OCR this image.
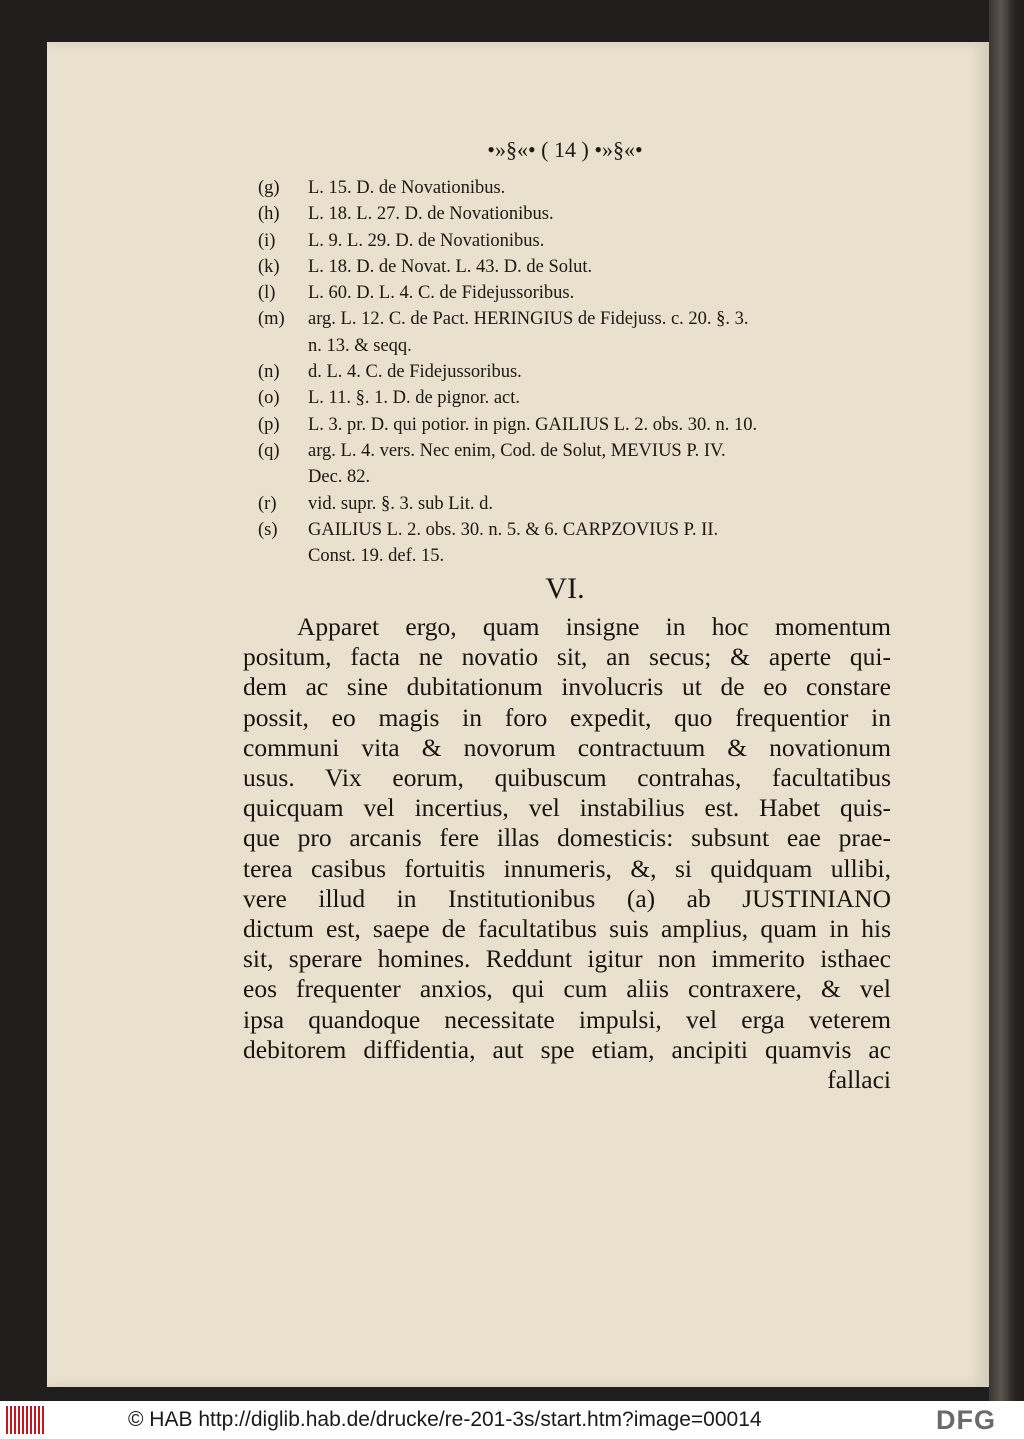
•»§«• ( 14 ) •»§«•
(g)	L. 15. D. de Novationibus.
(h)	L. 18. L. 27. D. de Novationibus.
(i)	L. 9. L. 29. D. de Novationibus.
(k)	L. 18. D. de Novat. L. 43. D. de Solut.
(l)	L. 60. D. L. 4. C. de Fidejussoribus.
(m)	arg. L. 12. C. de Pact. HERINGIUS de Fidejuss. c. 20. §. 3.
n. 13. & seqq.
(n)	d. L. 4. C. de Fidejussoribus.
(o)	L. 11. §. 1. D. de pignor. act.
(p)	L. 3. pr. D. qui potior. in pign. GAILIUS L. 2. obs. 30. n. 10.
(q)	arg. L. 4. vers. Nec enim, Cod. de Solut, MEVIUS P. IV.
Dec. 82.
(r)	vid. supr. §. 3. sub Lit. d.
(s)	GAILIUS L. 2. obs. 30. n. 5. & 6. CARPZOVIUS P. II.
Const. 19. def. 15.
VI.
Apparet ergo, quam insigne in hoc momentum
positum, facta ne novatio sit, an secus; & aperte qui-
dem ac sine dubitationum involucris ut de eo constare
possit, eo magis in foro expedit, quo frequentior in
communi vita & novorum contractuum & novationum
usus. Vix eorum, quibuscum contrahas, facultatibus
quicquam vel incertius, vel instabilius est. Habet quis-
que pro arcanis fere illas domesticis: subsunt eae prae-
terea casibus fortuitis innumeris, &, si quidquam ullibi,
vere illud in Institutionibus (a) ab JUSTINIANO
dictum est, saepe de facultatibus suis amplius, quam in his
sit, sperare homines. Reddunt igitur non immerito isthaec
eos frequenter anxios, qui cum aliis contraxere, & vel
ipsa quandoque necessitate impulsi, vel erga veterem
debitorem diffidentia, aut spe etiam, ancipiti quamvis ac
fallaci
© HAB http://diglib.hab.de/drucke/re-201-3s/start.htm?image=00014	DFG
